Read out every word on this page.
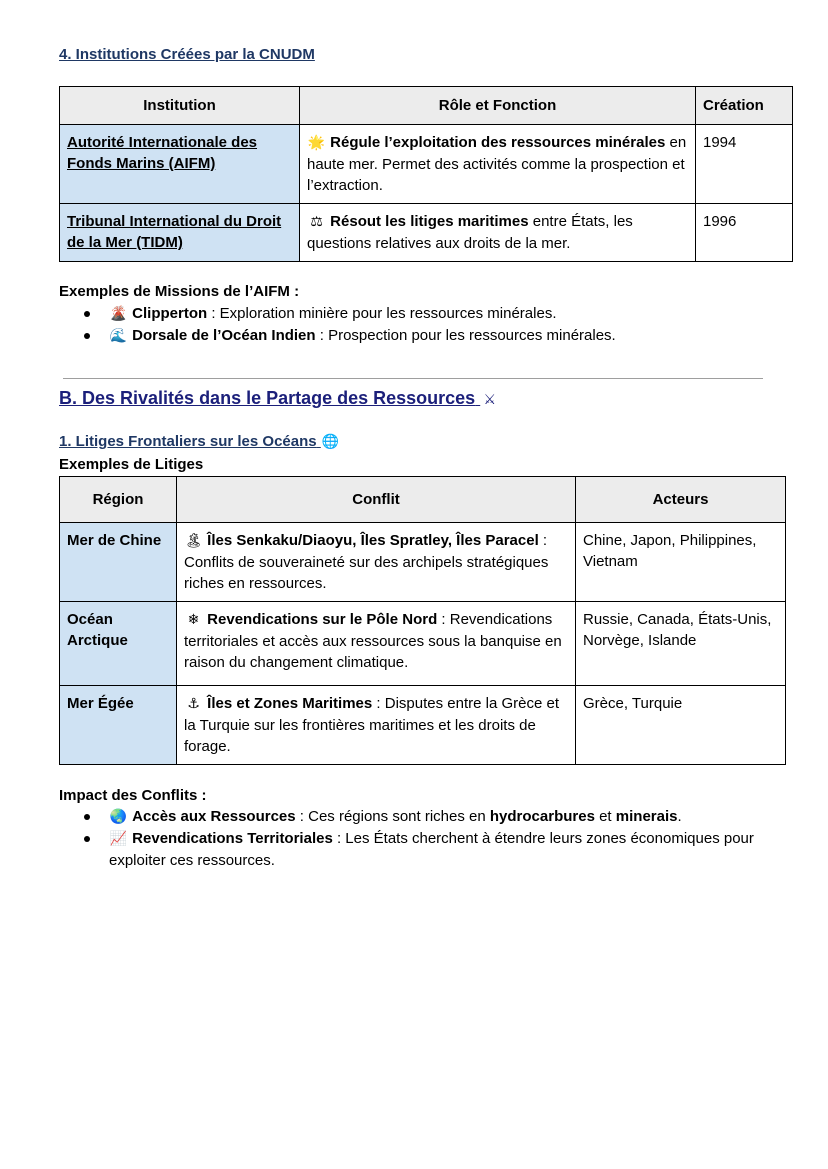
4. Institutions Créées par la CNUDM

Institution	Rôle et Fonction	Création
Autorité Internationale des Fonds Marins (AIFM)	🌟 Régule l’exploitation des ressources minérales en haute mer. Permet des activités comme la prospection et l’extraction.	1994
Tribunal International du Droit de la Mer (TIDM)	⚖ Résout les litiges maritimes entre États, les questions relatives aux droits de la mer.	1996

Exemples de Missions de l’AIFM :

🌋 Clipperton : Exploration minière pour les ressources minérales.
🌊 Dorsale de l’Océan Indien : Prospection pour les ressources minérales.

B. Des Rivalités dans le Partage des Ressources ⚔

1. Litiges Frontaliers sur les Océans 🌐

Exemples de Litiges

Région	Conflit	Acteurs
Mer de Chine	🏝 Îles Senkaku/Diaoyu, Îles Spratley, Îles Paracel : Conflits de souveraineté sur des archipels stratégiques riches en ressources.	Chine, Japon, Philippines, Vietnam
Océan Arctique	❄ Revendications sur le Pôle Nord : Revendications territoriales et accès aux ressources sous la banquise en raison du changement climatique.	Russie, Canada, États-Unis, Norvège, Islande
Mer Égée	⚓ Îles et Zones Maritimes : Disputes entre la Grèce et la Turquie sur les frontières maritimes et les droits de forage.	Grèce, Turquie

Impact des Conflits :

🌏 Accès aux Ressources : Ces régions sont riches en hydrocarbures et minerais.
📈 Revendications Territoriales : Les États cherchent à étendre leurs zones économiques pour exploiter ces ressources.
